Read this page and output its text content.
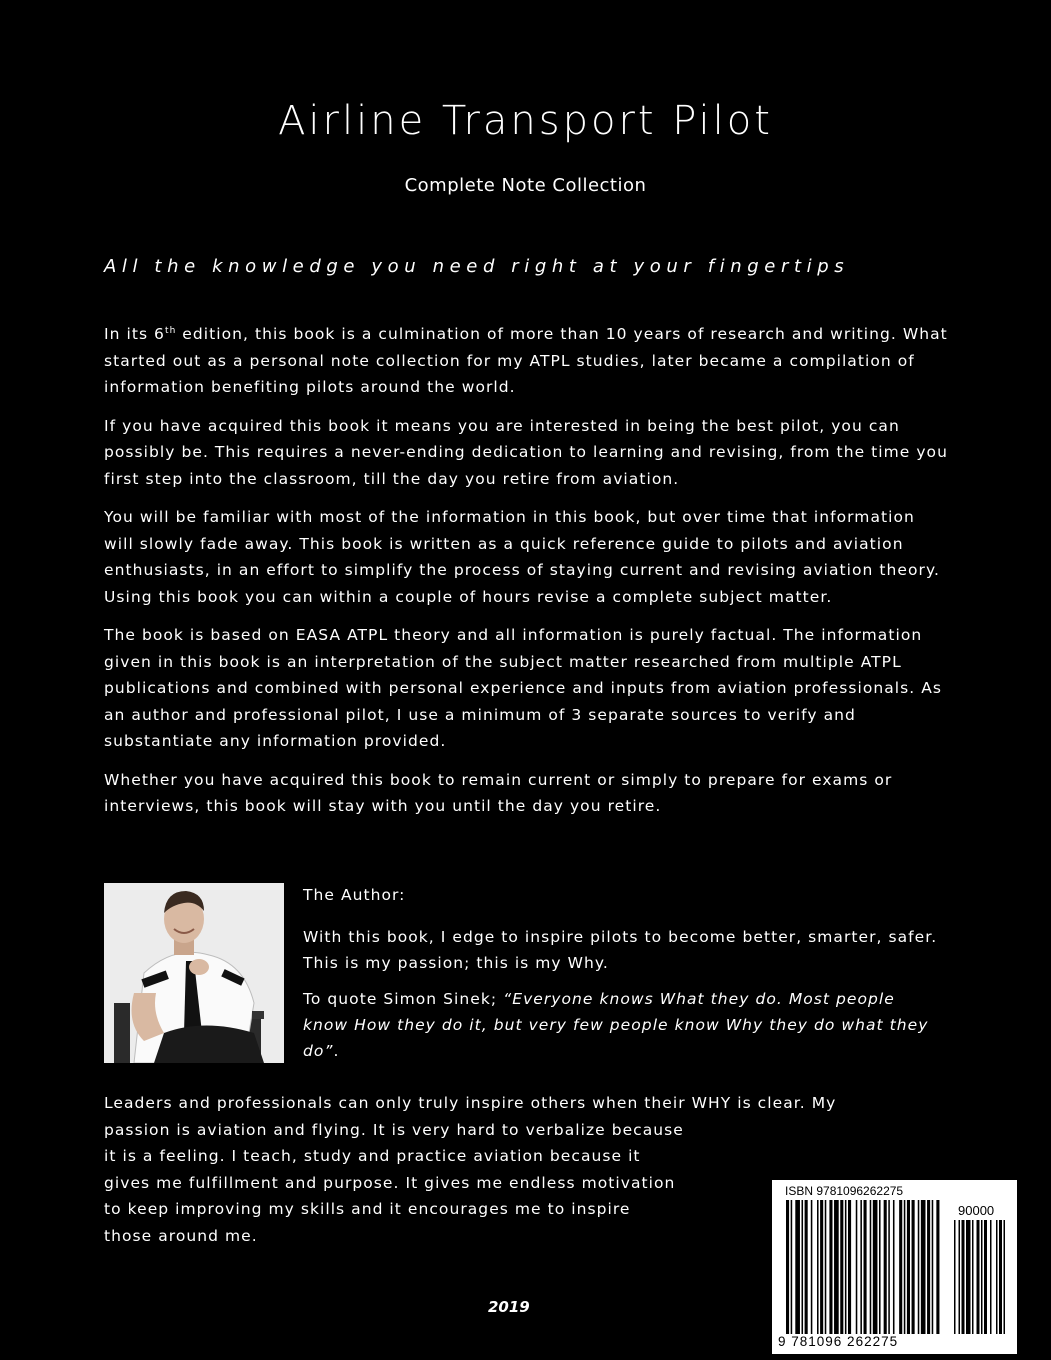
Airline Transport Pilot
Complete Note Collection
All the knowledge you need right at your fingertips

In its 6th edition, this book is a culmination of more than 10 years of research and writing. What started out as a personal note collection for my ATPL studies, later became a compilation of information benefiting pilots around the world.

If you have acquired this book it means you are interested in being the best pilot, you can possibly be. This requires a never-ending dedication to learning and revising, from the time you first step into the classroom, till the day you retire from aviation.

You will be familiar with most of the information in this book, but over time that information will slowly fade away. This book is written as a quick reference guide to pilots and aviation enthusiasts, in an effort to simplify the process of staying current and revising aviation theory. Using this book you can within a couple of hours revise a complete subject matter.

The book is based on EASA ATPL theory and all information is purely factual. The information given in this book is an interpretation of the subject matter researched from multiple ATPL publications and combined with personal experience and inputs from aviation professionals. As an author and professional pilot, I use a minimum of 3 separate sources to verify and substantiate any information provided.

Whether you have acquired this book to remain current or simply to prepare for exams or interviews, this book will stay with you until the day you retire.

The Author:

With this book, I edge to inspire pilots to become better, smarter, safer. This is my passion; this is my Why.

To quote Simon Sinek; “Everyone knows What they do. Most people know How they do it, but very few people know Why they do what they do”.

Leaders and professionals can only truly inspire others when their WHY is clear. My
passion is aviation and flying. It is very hard to verbalize because
it is a feeling. I teach, study and practice aviation because it
gives me fulfillment and purpose. It gives me endless motivation
to keep improving my skills and it encourages me to inspire
those around me.
2019
ISBN 9781096262275
90000
9 781096 262275
